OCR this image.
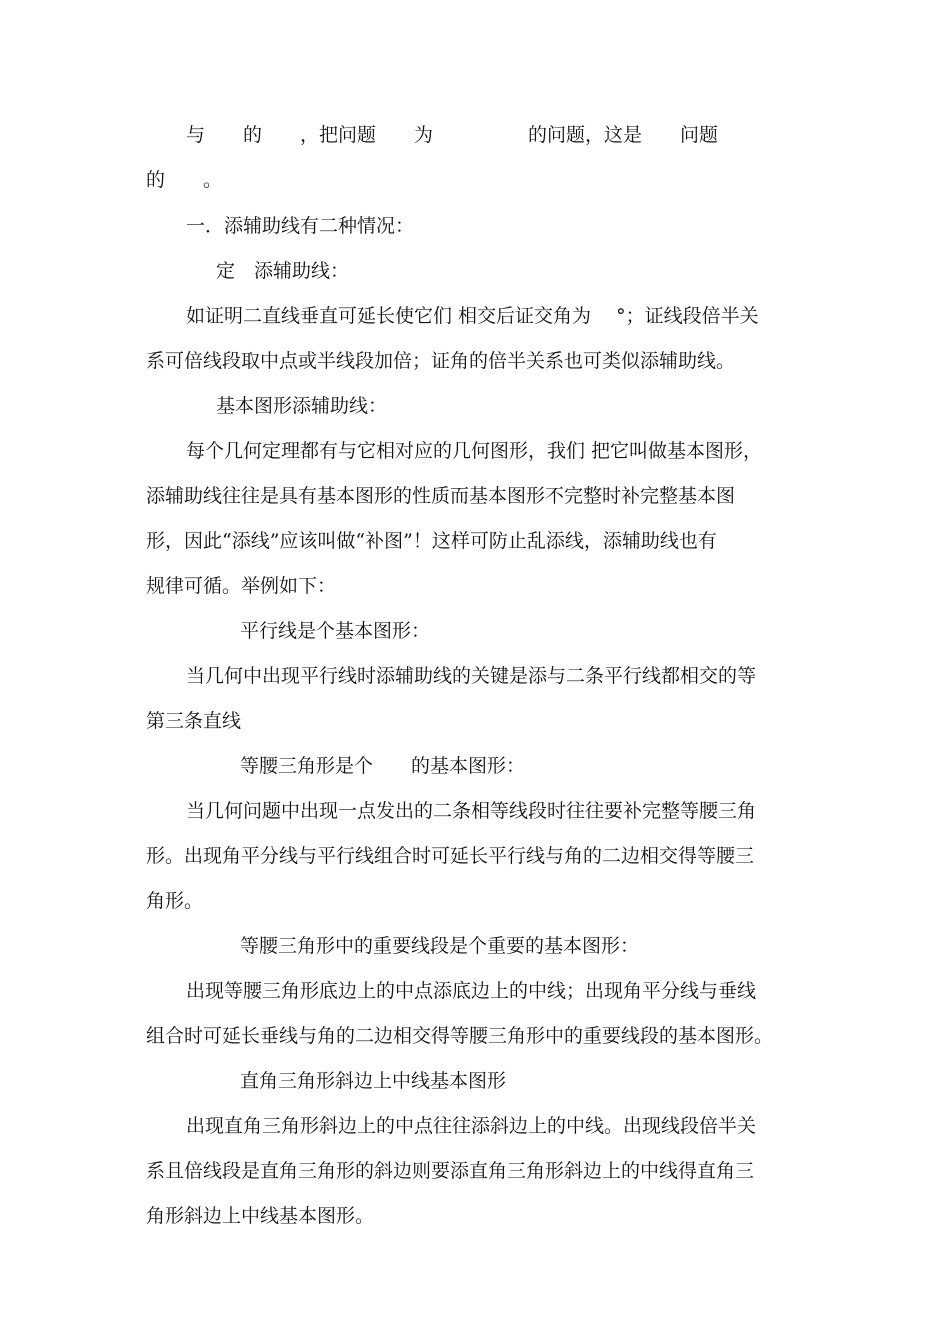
与　　的　　，把问题　　为　　　　　的问题，这是　　问题
的　　。
一．添辅助线有二种情况：
定　添辅助线：
如证明二直线垂直可延长使它们 相交后证交角为　 °；证线段倍半关
系可倍线段取中点或半线段加倍；证角的倍半关系也可类似添辅助线。
基本图形添辅助线：
每个几何定理都有与它相对应的几何图形，我们 把它叫做基本图形，
添辅助线往往是具有基本图形的性质而基本图形不完整时补完整基本图
形，因此“添线”应该叫做“补图”！这样可防止乱添线，添辅助线也有
规律可循。举例如下：
平行线是个基本图形：
当几何中出现平行线时添辅助线的关键是添与二条平行线都相交的等
第三条直线
等腰三角形是个　　的基本图形：
当几何问题中出现一点发出的二条相等线段时往往要补完整等腰三角
形。出现角平分线与平行线组合时可延长平行线与角的二边相交得等腰三
角形。
等腰三角形中的重要线段是个重要的基本图形：
出现等腰三角形底边上的中点添底边上的中线；出现角平分线与垂线
组合时可延长垂线与角的二边相交得等腰三角形中的重要线段的基本图形。
直角三角形斜边上中线基本图形
出现直角三角形斜边上的中点往往添斜边上的中线。出现线段倍半关
系且倍线段是直角三角形的斜边则要添直角三角形斜边上的中线得直角三
角形斜边上中线基本图形。
